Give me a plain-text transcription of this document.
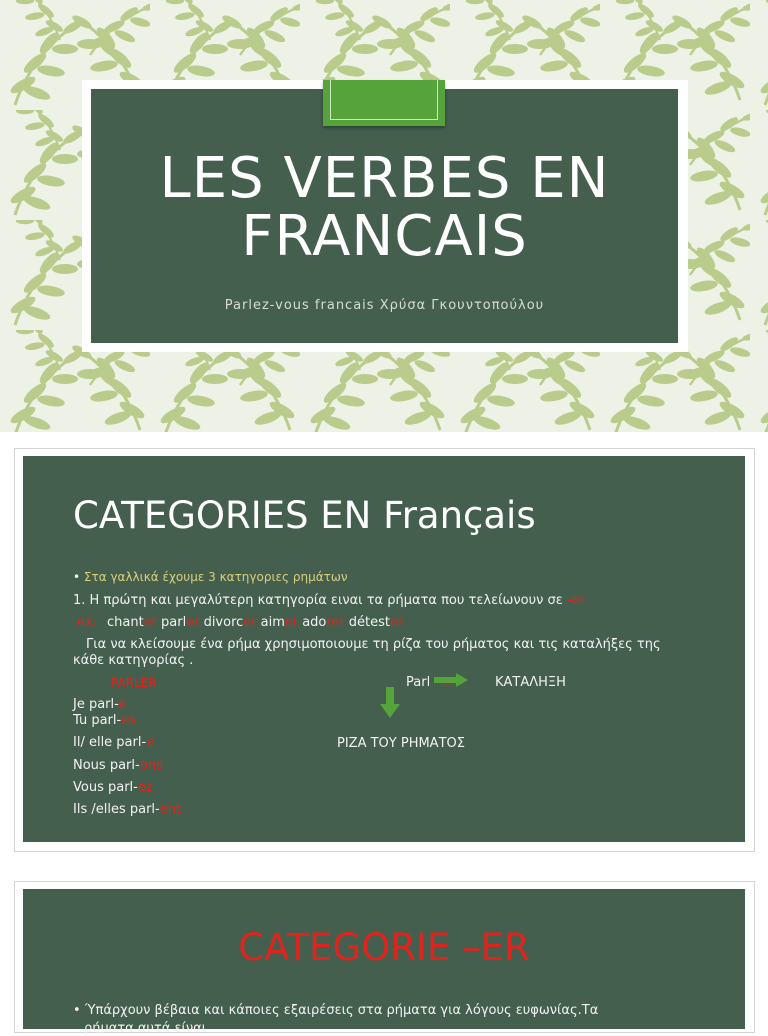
LES VERBES EN
FRANCAIS
Parlez-vous francais Χρύσα Γκουντοπούλου
CATEGORIES EN Français
• Στα γαλλικά έχουμε 3 κατηγοριες ρημάτων
1. Η πρώτη και μεγαλύτερη κατηγορία ειναι τα ρήματα που τελείωνουν σε -er
ex: chanter parler divorcer aimer adorer détester
Για να κλείσουμε ένα ρήμα χρησιμοποιουμε τη ρίζα του ρήματος και τις καταλήξες της
κάθε κατηγορίας .
PARLER
Je parl-e
Tu parl-es
Il/ elle parl-e
Nous parl-ons
Vous parl-ez
Ils /elles parl-ent
Parl	ΚΑΤΑΛΗΞΗ
ΡΙΖΑ ΤΟΥ ΡΗΜΑΤΟΣ
CATEGORIE –ER
• Ύπάρχουν βέβαια και κάποιες εξαιρέσεις στα ρήματα για λόγους ευφωνίας.Τα
